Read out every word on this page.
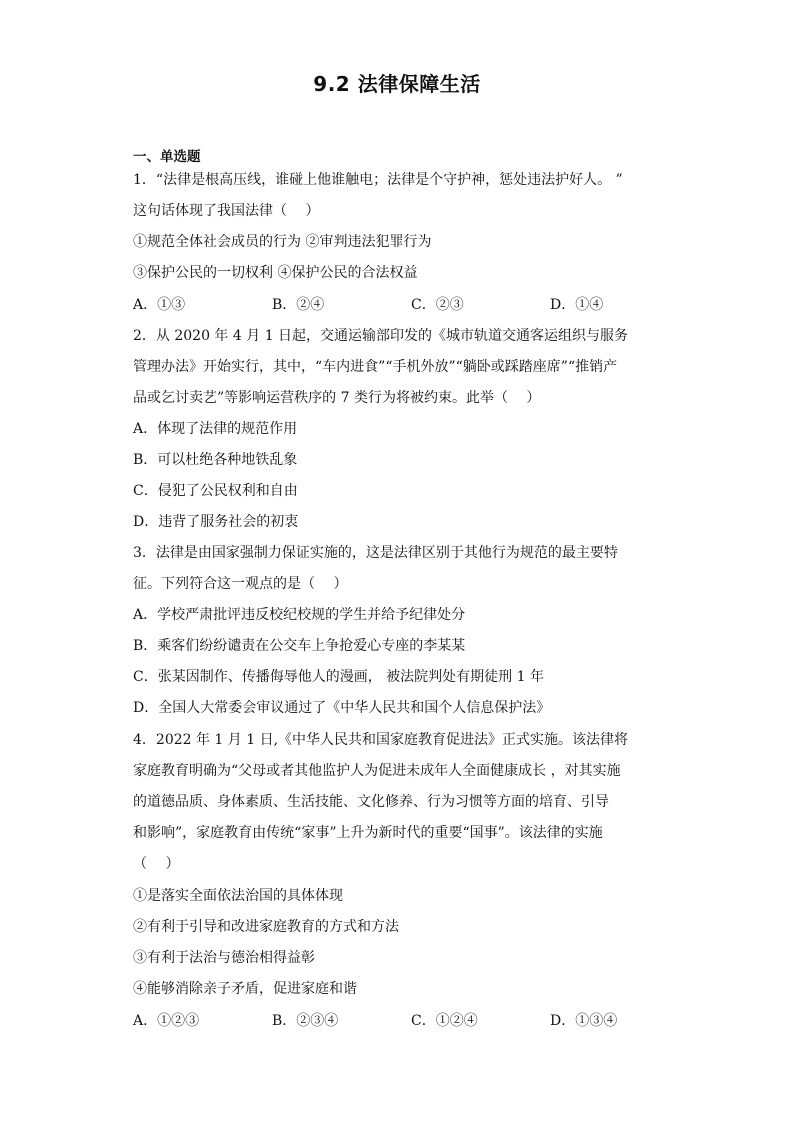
9.2 法律保障生活
一、单选题
1．“法律是根高压线，谁碰上他谁触电；法律是个守护神，惩处违法护好人。 ”
这句话体现了我国法律（　 ）
①规范全体社会成员的行为 ②审判违法犯罪行为
③保护公民的一切权利 ④保护公民的合法权益
A．①③	B．②④	C．②③	D．①④
2．从 2020 年 4 月 1 日起，交通运输部印发的《城市轨道交通客运组织与服务
管理办法》开始实行，其中，“车内进食”“手机外放”“躺卧或踩踏座席”“推销产
品或乞讨卖艺”等影响运营秩序的 7 类行为将被约束。此举（　 ）
A．体现了法律的规范作用
B．可以杜绝各种地铁乱象
C．侵犯了公民权利和自由
D．违背了服务社会的初衷
3．法律是由国家强制力保证实施的，这是法律区别于其他行为规范的最主要特
征。下列符合这一观点的是（　 ）
A．学校严肃批评违反校纪校规的学生并给予纪律处分
B．乘客们纷纷谴责在公交车上争抢爱心专座的李某某
C．张某因制作、传播侮辱他人的漫画， 被法院判处有期徒刑 1 年
D．全国人大常委会审议通过了《中华人民共和国个人信息保护法》
4．2022 年 1 月 1 日,《中华人民共和国家庭教育促进法》正式实施。该法律将
家庭教育明确为“父母或者其他监护人为促进未成年人全面健康成长 ，对其实施
的道德品质、身体素质、生活技能、文化修养、行为习惯等方面的培育、引导
和影响”，家庭教育由传统“家事”上升为新时代的重要“国事”。该法律的实施
（　 ）
①是落实全面依法治国的具体体现
②有利于引导和改进家庭教育的方式和方法
③有利于法治与德治相得益彰
④能够消除亲子矛盾，促进家庭和谐
A．①②③	B．②③④	C．①②④	D．①③④
